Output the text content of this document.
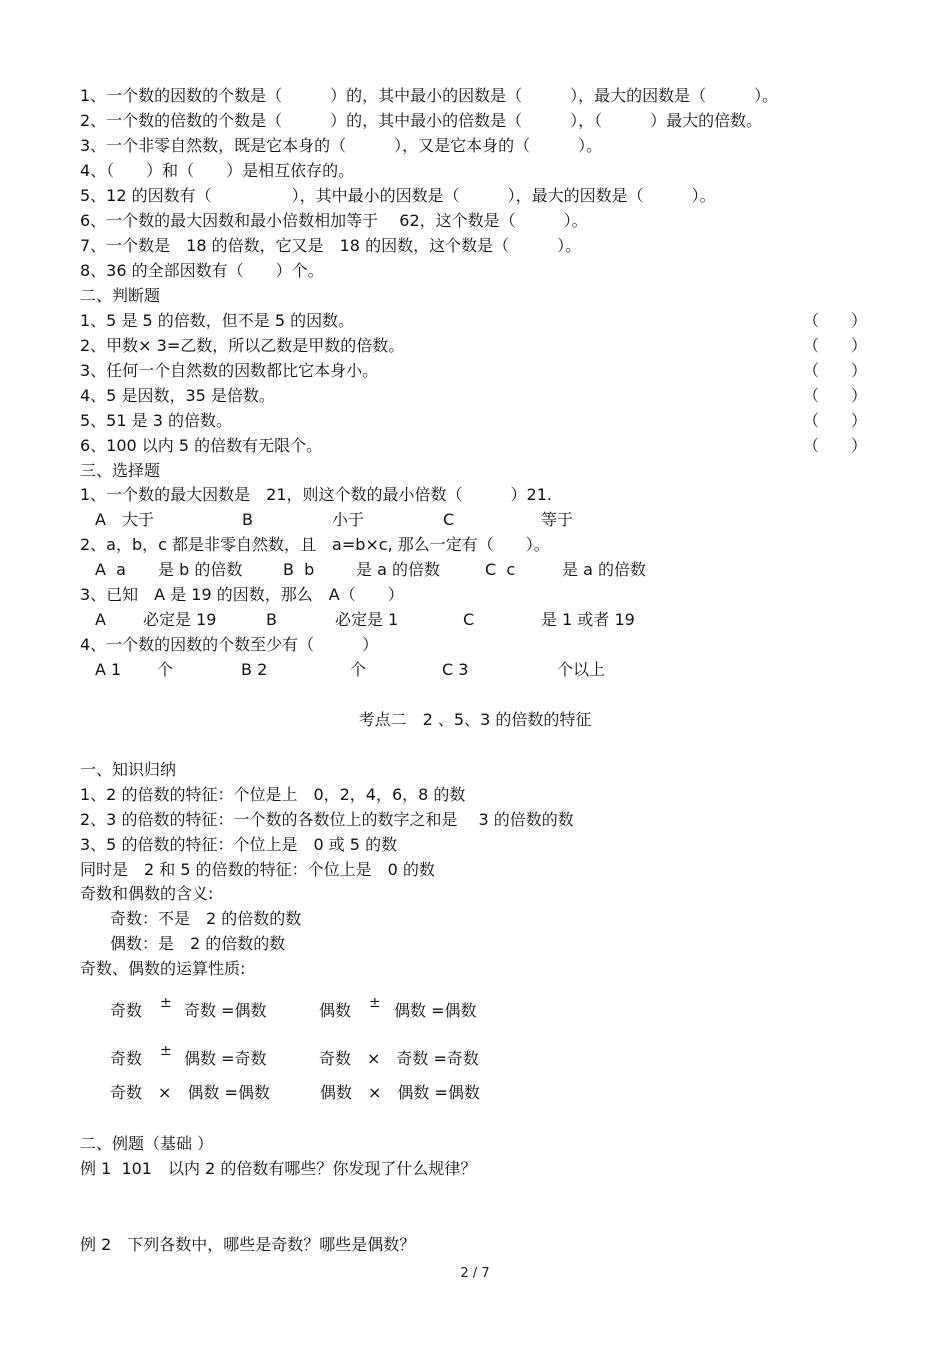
1、一个数的因数的个数是（　　　）的，其中最小的因数是（　　　），最大的因数是（　　　）。
2、一个数的倍数的个数是（　　　）的，其中最小的倍数是（　　　），（　　　）最大的倍数。
3、一个非零自然数，既是它本身的（　　　），又是它本身的（　　　）。
4、（　　）和（　　）是相互依存的。
5、12 的因数有（　　　　　），其中最小的因数是（　　　），最大的因数是（　　　）。
6、一个数的最大因数和最小倍数相加等于　 62，这个数是（　　　）。
7、一个数是　18 的倍数，它又是　18 的因数，这个数是（　　　）。
8、36 的全部因数有（　　）个。
二、判断题
1、5 是 5 的倍数，但不是 5 的因数。	（　　）
2、甲数× 3=乙数，所以乙数是甲数的倍数。	（　　）
3、任何一个自然数的因数都比它本身小。	（　　）
4、5 是因数，35 是倍数。	（　　）
5、51 是 3 的倍数。	（　　）
6、100 以内 5 的倍数有无限个。	（　　）
三、选择题
1、一个数的最大因数是　21，则这个数的最小倍数（　　　）21.
A　大于	B	小于	C	等于
2、a，b，c 都是非零自然数，且　a=b×c, 那么一定有（　　）。
A  a 是 b 的倍数	B  b	是 a 的倍数	C  c	是 a 的倍数
3、已知　A 是 19 的因数，那么　A（　　）
A 必定是 19	B	必定是 1	C	是 1 或者 19
4、一个数的因数的个数至少有（　　　）
A 1 个	B 2	个	C 3	个以上
考点二　2 、5、3 的倍数的特征
一、知识归纳
1、2 的倍数的特征：个位是上　0，2，4，6，8 的数
2、3 的倍数的特征：一个数的各数位上的数字之和是　 3 的倍数的数
3、5 的倍数的特征：个位上是　0 或 5 的数
同时是　2 和 5 的倍数的特征：个位上是　0 的数
奇数和偶数的含义:
奇数：不是　2 的倍数的数
偶数：是　2 的倍数的数
奇数、偶数的运算性质:
奇数 ± 奇数 =偶数	偶数 ± 偶数 =偶数
奇数 ± 偶数 =奇数	奇数　×　奇数 =奇数
奇数　×　偶数 =偶数	偶数　×　偶数 =偶数
二、例题（基础 ）
例 1  101　以内 2 的倍数有哪些？你发现了什么规律？
例 2　下列各数中，哪些是奇数？哪些是偶数？
2 / 7
